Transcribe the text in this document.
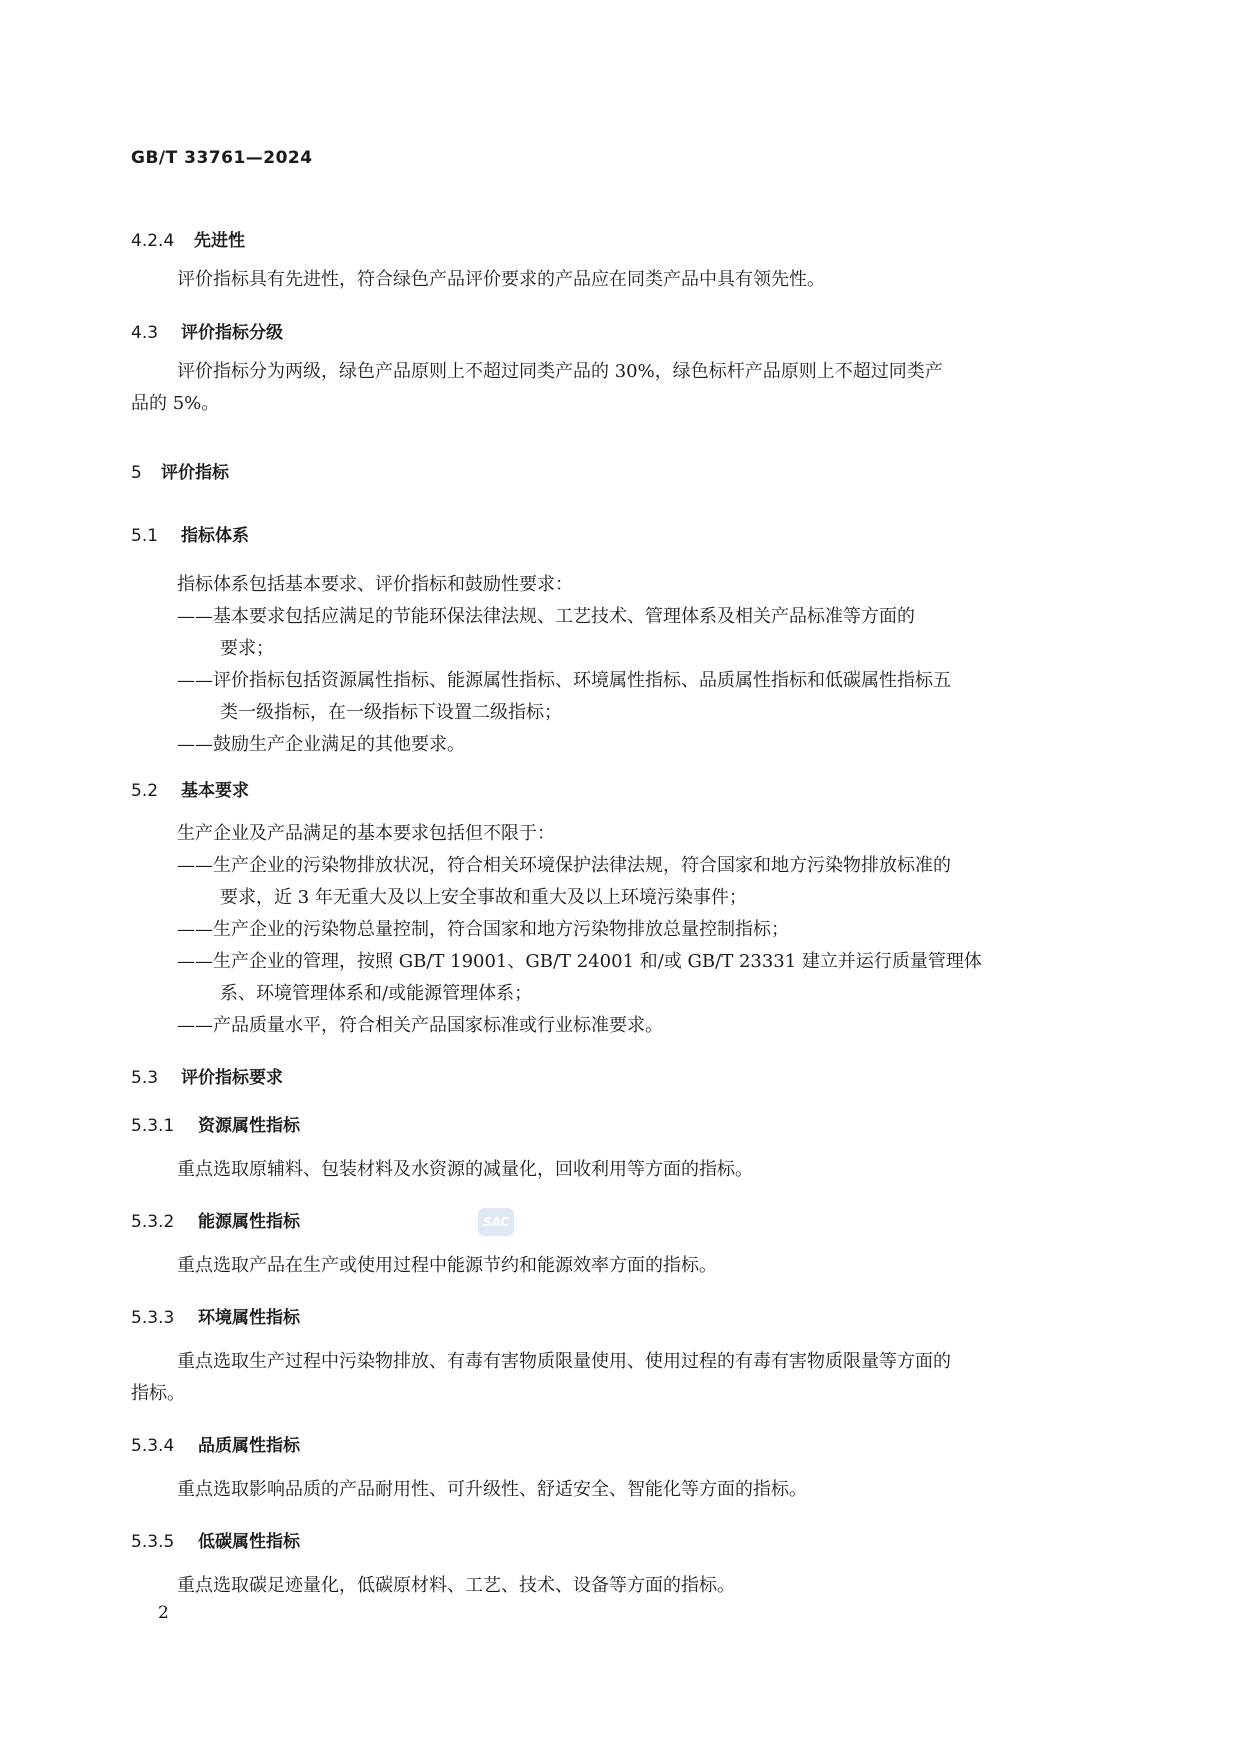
GB/T 33761—2024
4.2.4 先进性
评价指标具有先进性，符合绿色产品评价要求的产品应在同类产品中具有领先性。
4.3 评价指标分级
评价指标分为两级，绿色产品原则上不超过同类产品的 30%，绿色标杆产品原则上不超过同类产
品的 5%。
5 评价指标
5.1 指标体系
指标体系包括基本要求、评价指标和鼓励性要求：
——基本要求包括应满足的节能环保法律法规、工艺技术、管理体系及相关产品标准等方面的
要求；
——评价指标包括资源属性指标、能源属性指标、环境属性指标、品质属性指标和低碳属性指标五
类一级指标，在一级指标下设置二级指标；
——鼓励生产企业满足的其他要求。
5.2 基本要求
生产企业及产品满足的基本要求包括但不限于：
——生产企业的污染物排放状况，符合相关环境保护法律法规，符合国家和地方污染物排放标准的
要求，近 3 年无重大及以上安全事故和重大及以上环境污染事件；
——生产企业的污染物总量控制，符合国家和地方污染物排放总量控制指标；
——生产企业的管理，按照 GB/T 19001、GB/T 24001 和/或 GB/T 23331 建立并运行质量管理体
系、环境管理体系和/或能源管理体系；
——产品质量水平，符合相关产品国家标准或行业标准要求。
5.3 评价指标要求
5.3.1 资源属性指标
重点选取原辅料、包装材料及水资源的减量化，回收利用等方面的指标。
5.3.2 能源属性指标	SAC
重点选取产品在生产或使用过程中能源节约和能源效率方面的指标。
5.3.3 环境属性指标
重点选取生产过程中污染物排放、有毒有害物质限量使用、使用过程的有毒有害物质限量等方面的
指标。
5.3.4 品质属性指标
重点选取影响品质的产品耐用性、可升级性、舒适安全、智能化等方面的指标。
5.3.5 低碳属性指标
重点选取碳足迹量化，低碳原材料、工艺、技术、设备等方面的指标。
2
